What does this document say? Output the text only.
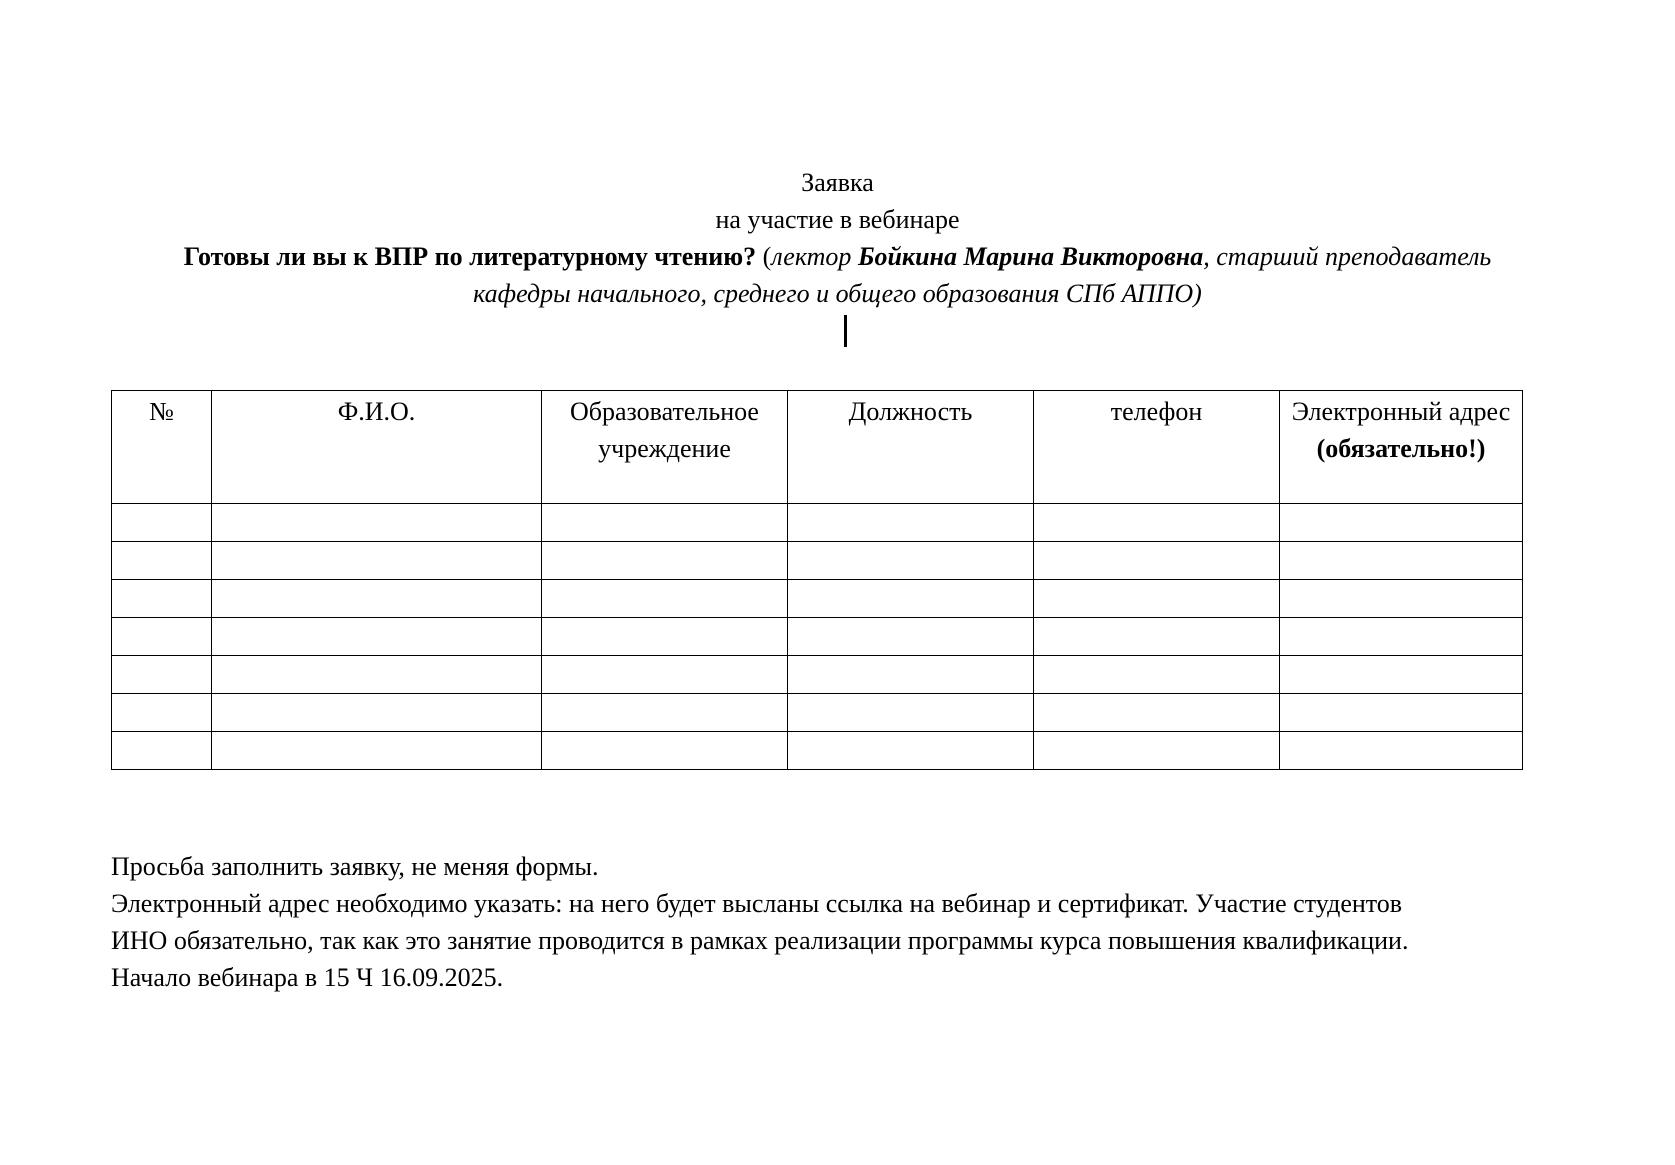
Заявка
на участие в вебинаре
Готовы ли вы к ВПР по литературному чтению? (лектор Бойкина Марина Викторовна, старший преподаватель
кафедры начального, среднего и общего образования СПб АППО)
№	Ф.И.О.	Образовательное учреждение	Должность	телефон	Электронный адрес
(обязательно!)

Просьба заполнить заявку, не меняя формы.

Электронный адрес необходимо указать: на него будет высланы ссылка на вебинар и сертификат. Участие студентов

ИНО обязательно, так как это занятие проводится в рамках реализации программы курса повышения квалификации.

Начало вебинара в 15 Ч 16.09.2025.
